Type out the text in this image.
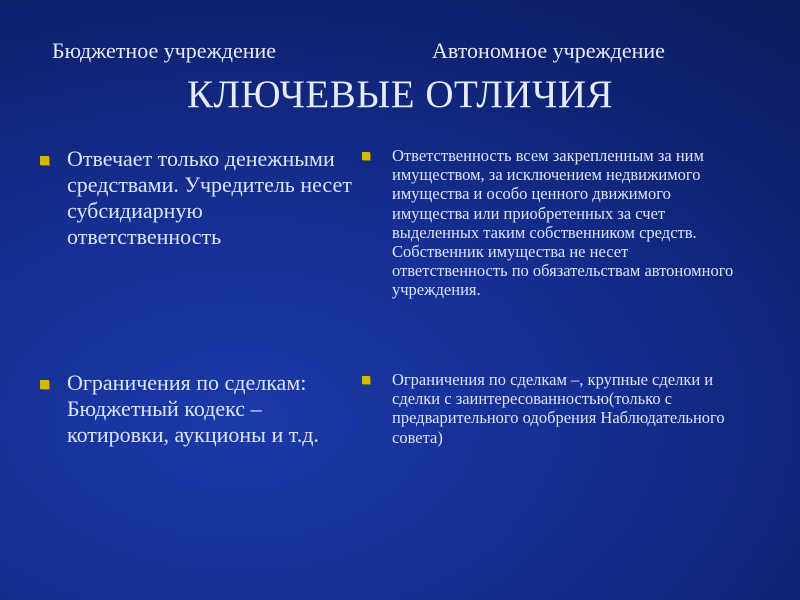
Бюджетное учреждение	Автономное учреждение
КЛЮЧЕВЫЕ ОТЛИЧИЯ
Отвечает только денежными средствами. Учредитель несет субсидиарную ответственность
Ограничения по сделкам: Бюджетный кодекс – котировки, аукционы и т.д.
Ответственность всем закрепленным за ним имуществом, за исключением недвижимого имущества и особо ценного движимого имущества или приобретенных за счет выделенных таким собственником средств. Собственник имущества не несет ответственность по обязательствам автономного учреждения.
Ограничения по сделкам –, крупные сделки и сделки с заинтересованностью(только с предварительного одобрения Наблюдательного совета)
